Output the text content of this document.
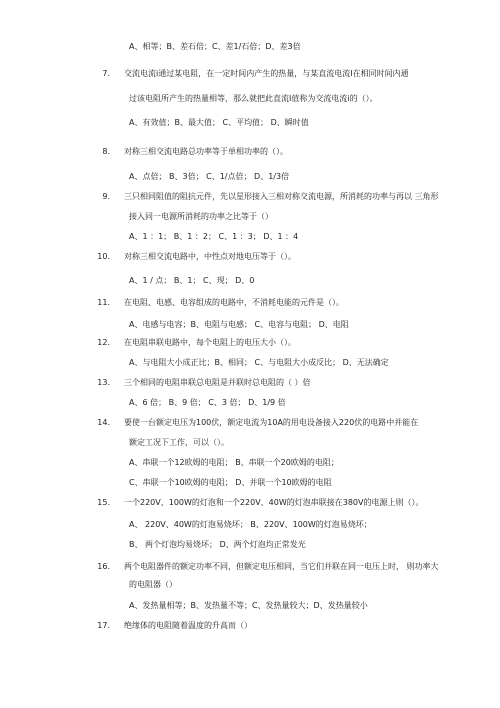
A、相等；B、差石倍；C、差1/石倍；D、差3倍
7. 交流电流i通过某电阻，在一定时间内产生的热量，与某直流电流I在相同时间内通
过该电阻所产生的热量相等，那么就把此直流I值称为交流电流i的（）。
A、有效值；B、最大值； C、平均值； D、瞬时值
8. 对称三相交流电路总功率等于单相功率的（）。
A、点倍； B、3倍； C、1/点倍； D、1/3倍
9. 三只相同阻值的阻抗元件，先以星形接入三相对称交流电源，所消耗的功率与再以 三角形
接入同一电源所消耗的功率之比等于（）
A、1 ：1； B、1 ：2； C、1 ：3； D、1 ：4
10. 对称三相交流电路中，中性点对地电压等于（）。
A、1 / 点； B、1； C、现； D、0
11. 在电阻、电感、电容组成的电路中，不消耗电能的元件是（）。
A、电感与电容；B、电阻与电感； C、电容与电阻； D、电阻
12. 在电阻串联电路中，每个电阻上的电压大小（）。
A、与电阻大小成正比；B、相同； C、与电阻大小成反比； D、无法确定
13. 三个相同的电阻串联总电阻是并联时总电阻的（ ）倍
A、6 倍； B、9 倍； C、3 倍； D、1/9 倍
14. 要使一台额定电压为100伏，额定电流为10A的用电设备接入220伏的电路中并能在
额定工况下工作，可以（）。
A、串联一个12欧姆的电阻； B、串联一个20欧姆的电阻；
C、串联一个10欧姆的电阻； D、并联一个10欧姆的电阻
15. 一个220V、100W的灯泡和一个220V、40W的灯泡串联接在380V的电源上则（）。
A、 220V、40W的灯泡易烧坏； B、220V、100W的灯泡易烧坏；
B、 两个灯泡均易烧坏； D、两个灯泡均正常发光
16. 两个电阻器件的额定功率不同，但额定电压相同，当它们并联在同一电压上时， 则功率大
的电阻器（）
A、发热量相等；B、发热量不等；C、发热量较大；D、发热量较小
17. 绝缘体的电阻随着温度的升高而（）
